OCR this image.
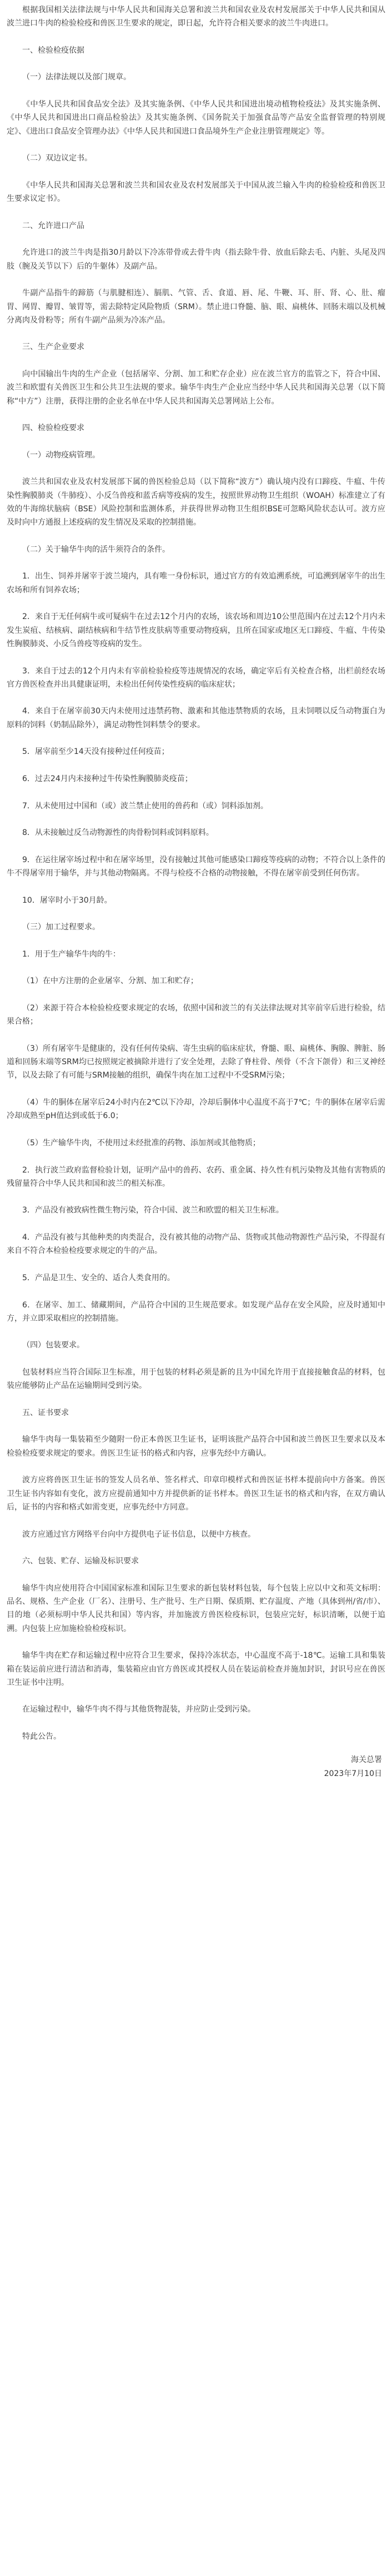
根据我国相关法律法规与中华人民共和国海关总署和波兰共和国农业及农村发展部关于中华人民共和国从波兰进口牛肉的检验检疫和兽医卫生要求的规定，即日起，允许符合相关要求的波兰牛肉进口。

一、检验检疫依据

（一）法律法规以及部门规章。

《中华人民共和国食品安全法》及其实施条例、《中华人民共和国进出境动植物检疫法》及其实施条例、《中华人民共和国进出口商品检验法》及其实施条例、《国务院关于加强食品等产品安全监督管理的特别规定》、《进出口食品安全管理办法》《中华人民共和国进口食品境外生产企业注册管理规定》等。

（二）双边议定书。

《中华人民共和国海关总署和波兰共和国农业及农村发展部关于中国从波兰输入牛肉的检验检疫和兽医卫生要求议定书》。

二、允许进口产品

允许进口的波兰牛肉是指30月龄以下冷冻带骨或去骨牛肉（指去除牛骨、放血后除去毛、内脏、头尾及四肢（腕及关节以下）后的牛躯体）及副产品。

牛副产品指牛的蹄筋（与肌腱相连）、膈肌、气管、舌、食道、唇、尾、牛鞭、耳、肝、肾、心、肚、瘤胃、网胃、瓣胃、皱胃等，需去除特定风险物质（SRM）。禁止进口脊髓、脑、眼、扁桃体、回肠末端以及机械分离肉及骨粉等；所有牛副产品须为冷冻产品。

三、生产企业要求

向中国输出牛肉的生产企业（包括屠宰、分割、加工和贮存企业）应在波兰官方的监管之下，符合中国、波兰和欧盟有关兽医卫生和公共卫生法规的要求。输华牛肉生产企业应当经中华人民共和国海关总署（以下简称“中方”）注册，获得注册的企业名单在中华人民共和国海关总署网站上公布。

四、检验检疫要求

（一）动物疫病管理。

波兰共和国农业及农村发展部下属的兽医检验总局（以下简称“波方”）确认境内没有口蹄疫、牛瘟、牛传染性胸膜肺炎（牛肺疫）、小反刍兽疫和蓝舌病等疫病的发生，按照世界动物卫生组织（WOAH）标准建立了有效的牛海绵状脑病（BSE）风险控制和监测体系，并获得世界动物卫生组织BSE可忽略风险状态认可。波方应及时向中方通报上述疫病的发生情况及采取的控制措施。

（二）关于输华牛肉的活牛须符合的条件。

1．出生、饲养并屠宰于波兰境内，具有唯一身份标识，通过官方的有效追溯系统，可追溯到屠宰牛的出生农场和所有饲养农场；

2．来自于无任何病牛或可疑病牛在过去12个月内的农场，该农场和周边10公里范围内在过去12个月内未发生炭疽、结核病、副结核病和牛结节性皮肤病等重要动物疫病，且所在国家或地区无口蹄疫、牛瘟、牛传染性胸膜肺炎、小反刍兽疫等疫病的发生。

3．来自于过去的12个月内未有宰前检验检疫等违规情况的农场，确定宰后有关检查合格，出栏前经农场官方兽医检查并出具健康证明，未检出任何传染性疫病的临床症状；

4．来自于在屠宰前30天内未使用过违禁药物、激素和其他违禁物质的农场，且未饲喂以反刍动物蛋白为原料的饲料（奶制品除外），满足动物性饲料禁令的要求。

5．屠宰前至少14天没有接种过任何疫苗；

6．过去24月内未接种过牛传染性胸膜肺炎疫苗；

7．从未使用过中国和（或）波兰禁止使用的兽药和（或）饲料添加剂。

8．从未接触过反刍动物源性的肉骨粉饲料或饲料原料。

9．在运往屠宰场过程中和在屠宰场里，没有接触过其他可能感染口蹄疫等疫病的动物；不符合以上条件的牛不得屠宰用于输华，并与其他动物隔离。不得与检疫不合格的动物接触，不得在屠宰前受到任何伤害。

10．屠宰时小于30月龄。

（三）加工过程要求。

1．用于生产输华牛肉的牛：

（1）在中方注册的企业屠宰、分割、加工和贮存；

（2）来源于符合本检验检疫要求规定的农场，依照中国和波兰的有关法律法规对其宰前宰后进行检验，结果合格；

（3）所有屠宰牛是健康的，没有任何传染病、寄生虫病的临床症状，脊髓、眼、扁桃体、胸腺、脾脏、肠道和回肠末端等SRM均已按照规定被摘除并进行了安全处理，去除了脊柱骨、颅骨（不含下颌骨）和三叉神经节，以及去除了有可能与SRM接触的组织，确保牛肉在加工过程中不受SRM污染；

（4）牛的胴体在屠宰后24小时内在2℃以下冷却，冷却后胴体中心温度不高于7℃；牛的胴体在屠宰后需冷却成熟至pH值达到或低于6.0；

（5）生产输华牛肉，不使用过未经批准的药物、添加剂或其他物质；

2．执行波兰政府监督检验计划，证明产品中的兽药、农药、重金属、持久性有机污染物及其他有害物质的残留量符合中华人民共和国和波兰的相关标准。

3．产品没有被致病性微生物污染，符合中国、波兰和欧盟的相关卫生标准。

4．产品没有被与其他种类的肉类混合，没有被其他的动物产品、货物或其他动物源性产品污染，不得混有来自不符合本检验检疫要求规定的牛的产品。

5．产品是卫生、安全的、适合人类食用的。

6．在屠宰、加工、储藏期间，产品符合中国的卫生规范要求。如发现产品存在安全风险，应及时通知中方，并立即采取相应的控制措施。

（四）包装要求。

包装材料应当符合国际卫生标准，用于包装的材料必须是新的且为中国允许用于直接接触食品的材料，包装应能够防止产品在运输期间受到污染。

五、证书要求

输华牛肉每一集装箱至少随附一份正本兽医卫生证书，证明该批产品符合中国和波兰兽医卫生要求以及本检验检疫要求规定的要求。兽医卫生证书的格式和内容，应事先经中方确认。

波方应将兽医卫生证书的签发人员名单、签名样式、印章印模样式和兽医证书样本提前向中方备案。兽医卫生证书内容如有变化，波方应提前通知中方并提供新的证书样本。兽医卫生证书的格式和内容，在双方确认后，证书的内容和格式如需变更，应事先经中方同意。

波方应通过官方网络平台向中方提供电子证书信息，以便中方核查。

六、包装、贮存、运输及标识要求

输华牛肉应使用符合中国国家标准和国际卫生要求的新包装材料包装，每个包装上应以中文和英文标明：品名、规格、生产企业（厂名）、注册号、生产批号、生产日期、保质期、贮存温度、产地（具体到州/省/市）、目的地（必须标明中华人民共和国）等内容，并加施波方兽医检疫标识，包装应完好，标识清晰，以便于追溯。内包装上应加施检验检疫标识。

输华牛肉在贮存和运输过程中应符合卫生要求，保持冷冻状态，中心温度不高于-18℃。运输工具和集装箱在装运前应进行清洁和消毒，集装箱应由官方兽医或其授权人员在装运前检查并施加封识，封识号应在兽医卫生证书中注明。

在运输过程中，输华牛肉不得与其他货物混装，并应防止受到污染。

特此公告。

海关总署

2023年7月10日
